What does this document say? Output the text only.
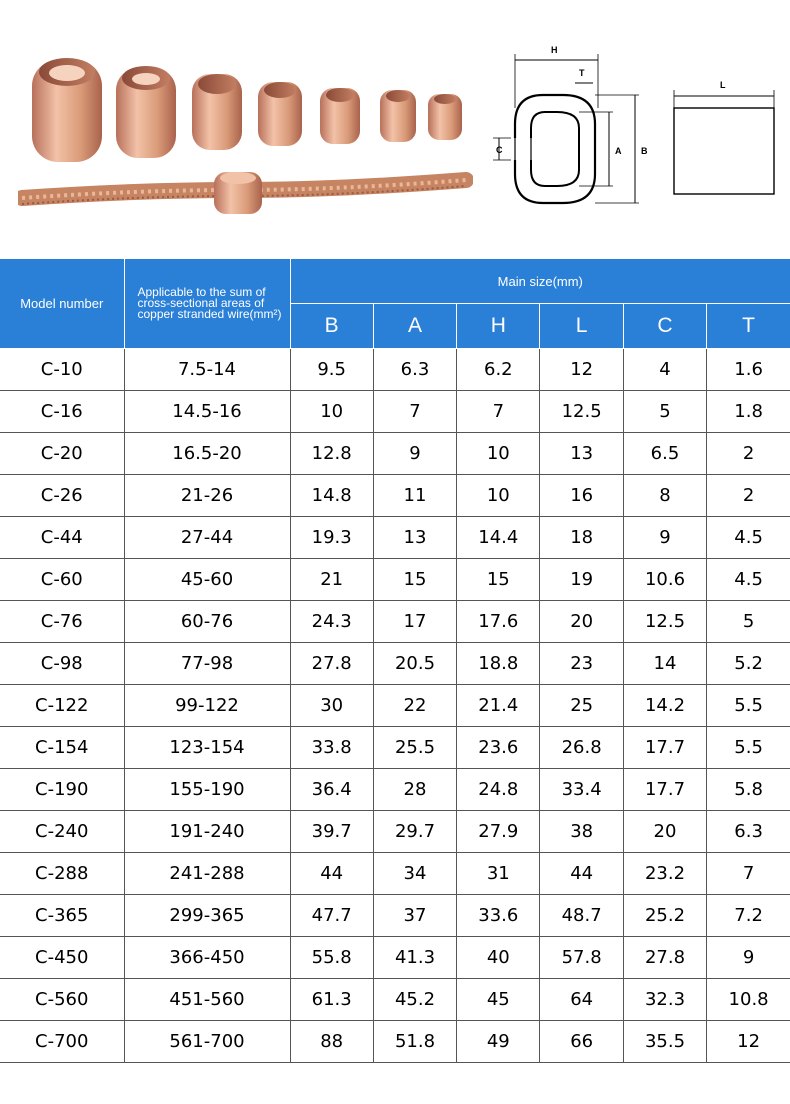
H
T
C	A B
L
Model number	Applicable to the sum of cross-sectional areas of copper stranded wire(mm²)	Main size(mm)					
		B	A	H	L	C	T
C-10	7.5-14	9.5	6.3	6.2	12	4	1.6
C-16	14.5-16	10	7	7	12.5	5	1.8
C-20	16.5-20	12.8	9	10	13	6.5	2
C-26	21-26	14.8	11	10	16	8	2
C-44	27-44	19.3	13	14.4	18	9	4.5
C-60	45-60	21	15	15	19	10.6	4.5
C-76	60-76	24.3	17	17.6	20	12.5	5
C-98	77-98	27.8	20.5	18.8	23	14	5.2
C-122	99-122	30	22	21.4	25	14.2	5.5
C-154	123-154	33.8	25.5	23.6	26.8	17.7	5.5
C-190	155-190	36.4	28	24.8	33.4	17.7	5.8
C-240	191-240	39.7	29.7	27.9	38	20	6.3
C-288	241-288	44	34	31	44	23.2	7
C-365	299-365	47.7	37	33.6	48.7	25.2	7.2
C-450	366-450	55.8	41.3	40	57.8	27.8	9
C-560	451-560	61.3	45.2	45	64	32.3	10.8
C-700	561-700	88	51.8	49	66	35.5	12
